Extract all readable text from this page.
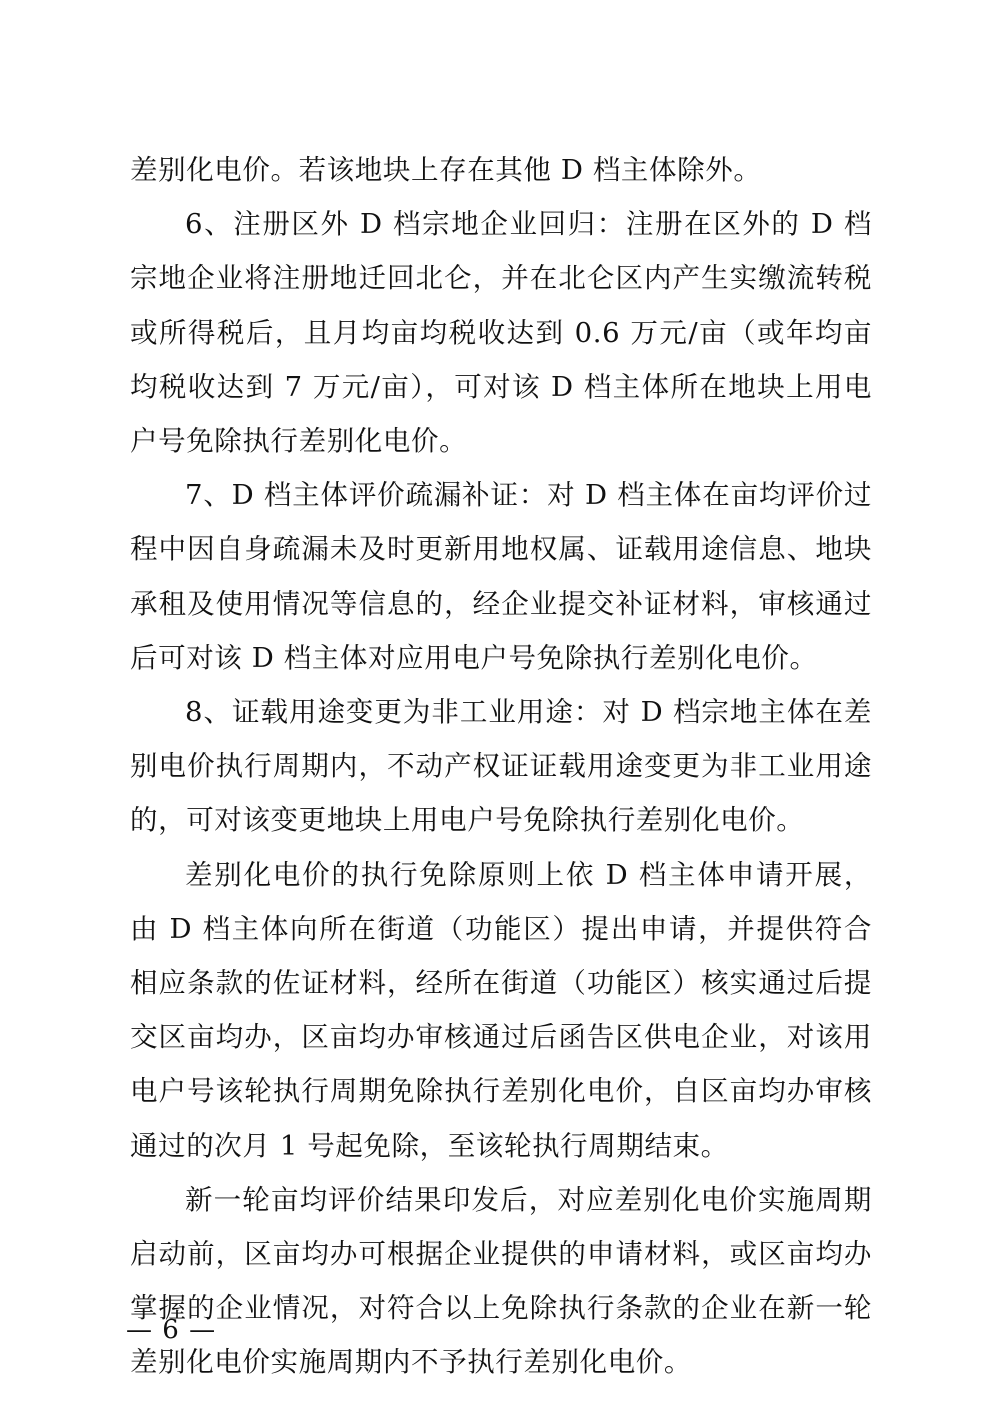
差别化电价。若该地块上存在其他 D 档主体除外。

6、注册区外 D 档宗地企业回归：注册在区外的 D 档宗地企业将注册地迁回北仑，并在北仑区内产生实缴流转税或所得税后，且月均亩均税收达到 0.6 万元/亩（或年均亩均税收达到 7 万元/亩），可对该 D 档主体所在地块上用电户号免除执行差别化电价。

7、D 档主体评价疏漏补证：对 D 档主体在亩均评价过程中因自身疏漏未及时更新用地权属、证载用途信息、地块承租及使用情况等信息的，经企业提交补证材料，审核通过后可对该 D 档主体对应用电户号免除执行差别化电价。

8、证载用途变更为非工业用途：对 D 档宗地主体在差别电价执行周期内，不动产权证证载用途变更为非工业用途的，可对该变更地块上用电户号免除执行差别化电价。

差别化电价的执行免除原则上依 D 档主体申请开展，由 D 档主体向所在街道（功能区）提出申请，并提供符合相应条款的佐证材料，经所在街道（功能区）核实通过后提交区亩均办，区亩均办审核通过后函告区供电企业，对该用电户号该轮执行周期免除执行差别化电价，自区亩均办审核通过的次月 1 号起免除，至该轮执行周期结束。

新一轮亩均评价结果印发后，对应差别化电价实施周期启动前，区亩均办可根据企业提供的申请材料，或区亩均办掌握的企业情况，对符合以上免除执行条款的企业在新一轮差别化电价实施周期内不予执行差别化电价。

— 6 —
